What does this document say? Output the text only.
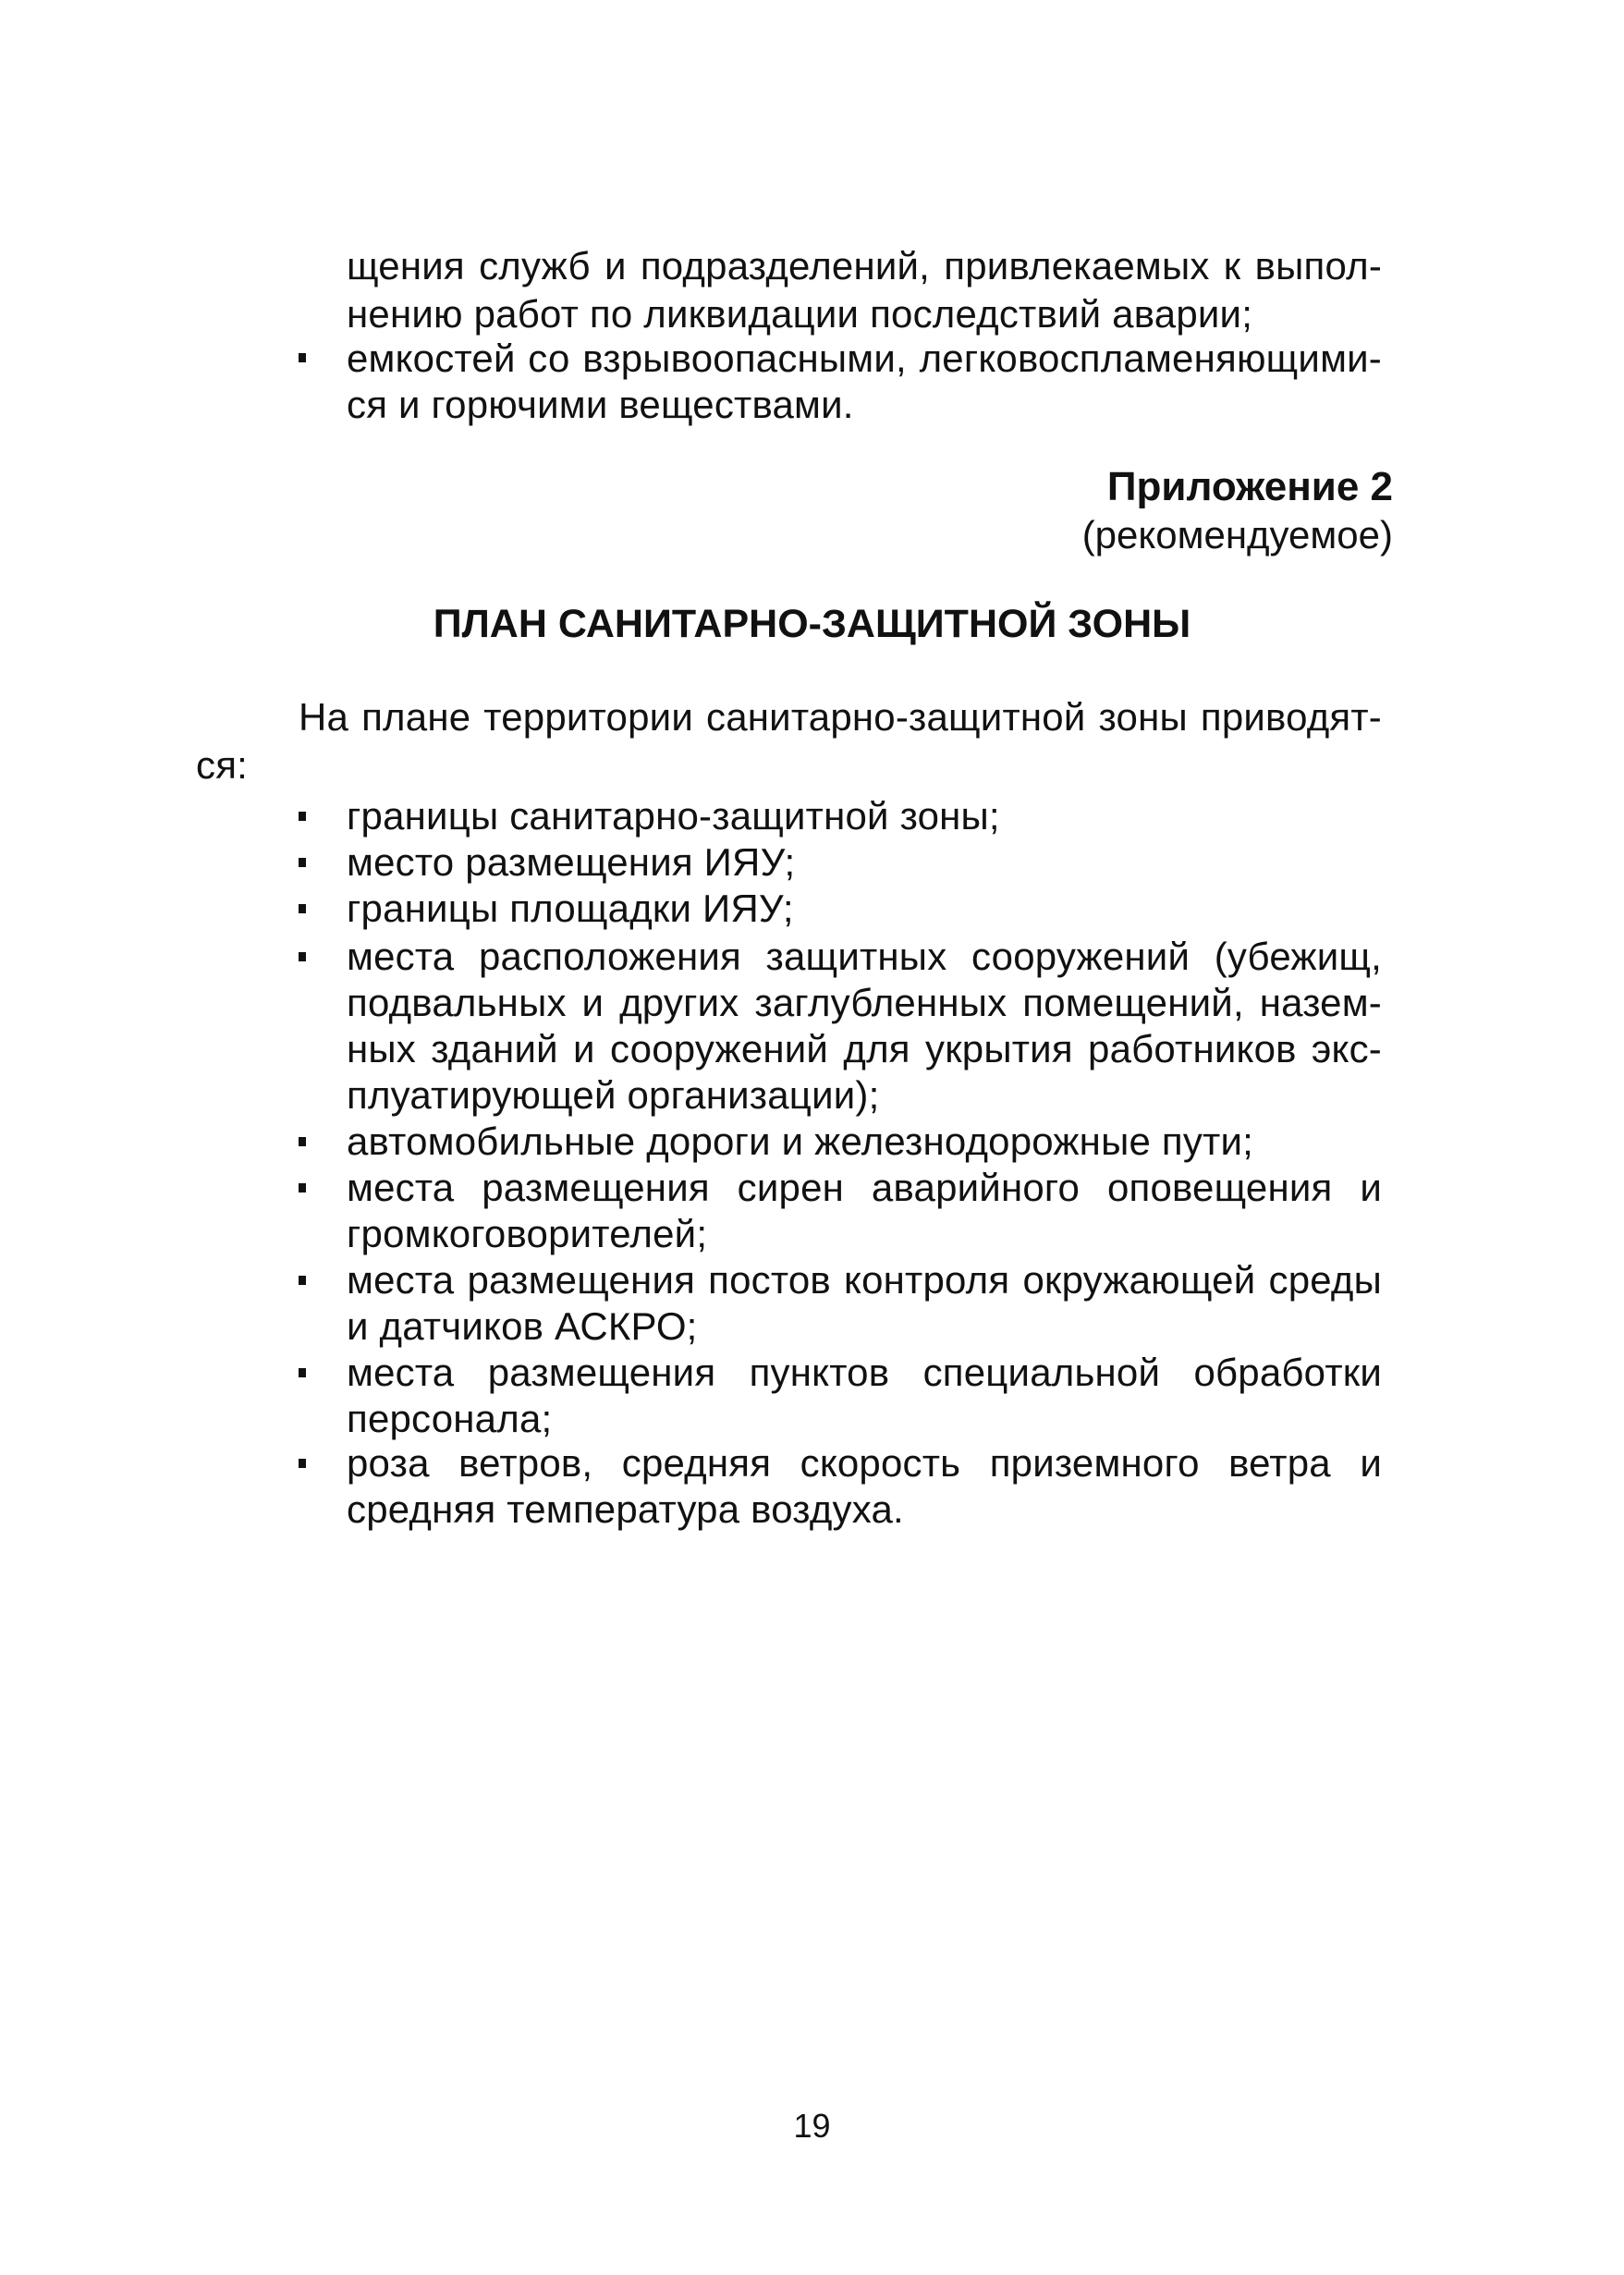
щения служб и подразделений, привлекаемых к выпол-
нению работ по ликвидации последствий аварии;
емкостей со взрывоопасными, легковоспламеняющими-
ся и горючими веществами.
Приложение 2
(рекомендуемое)
ПЛАН САНИТАРНО-ЗАЩИТНОЙ ЗОНЫ
На плане территории санитарно-защитной зоны приводят-
ся:
границы санитарно-защитной зоны;
место размещения ИЯУ;
границы площадки ИЯУ;
места расположения защитных сооружений (убежищ,
подвальных и других заглубленных помещений, назем-
ных зданий и сооружений для укрытия работников экс-
плуатирующей организации);
автомобильные дороги и железнодорожные пути;
места размещения сирен аварийного оповещения и
громкоговорителей;
места размещения постов контроля окружающей среды
и датчиков АСКРО;
места размещения пунктов специальной обработки
персонала;
роза ветров, средняя скорость приземного ветра и
средняя температура воздуха.
19
